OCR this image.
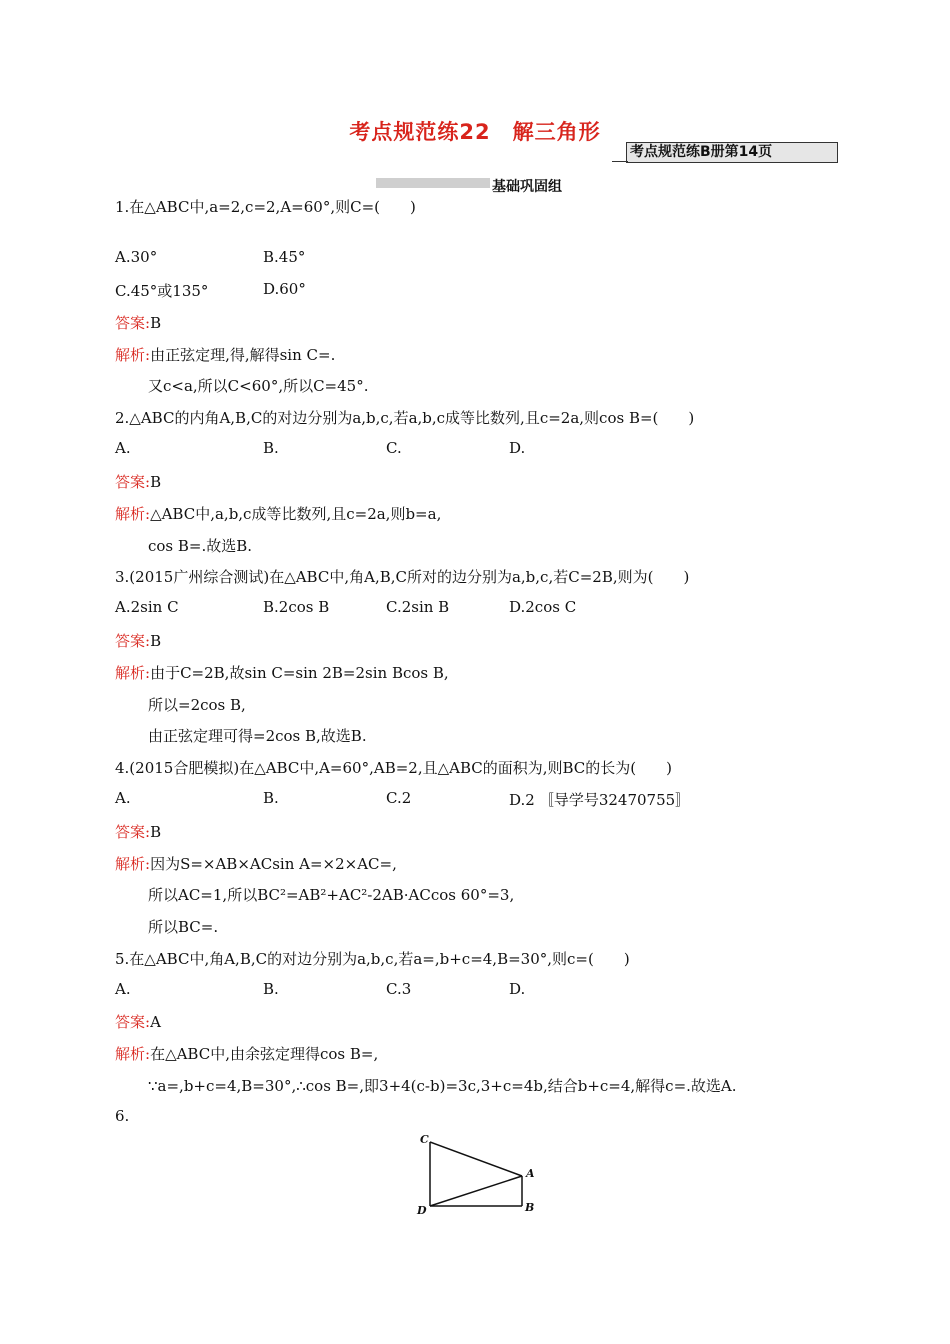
考点规范练22　解三角形
考点规范练B册第14页
基础巩固组
1.在△ABC中,a=2,c=2,A=60°,则C=(　　)
A.30°	B.45°
C.45°或135°	D.60°
答案:B
解析:由正弦定理,得,解得sin C=.
又c<a,所以C<60°,所以C=45°.
2.△ABC的内角A,B,C的对边分别为a,b,c,若a,b,c成等比数列,且c=2a,则cos B=(　　)
A.	B.	C.	D.
答案:B
解析:△ABC中,a,b,c成等比数列,且c=2a,则b=a,
cos B=.故选B.
3.(2015广州综合测试)在△ABC中,角A,B,C所对的边分别为a,b,c,若C=2B,则为(　　)
A.2sin C	B.2cos B	C.2sin B	D.2cos C
答案:B
解析:由于C=2B,故sin C=sin 2B=2sin Bcos B,
所以=2cos B,
由正弦定理可得=2cos B,故选B.
4.(2015合肥模拟)在△ABC中,A=60°,AB=2,且△ABC的面积为,则BC的长为(　　)
A.	B.	C.2	D.2 〚导学号32470755〛
答案:B
解析:因为S=×AB×ACsin A=×2×AC=,
所以AC=1,所以BC²=AB²+AC²-2AB·ACcos 60°=3,
所以BC=.
5.在△ABC中,角A,B,C的对边分别为a,b,c,若a=,b+c=4,B=30°,则c=(　　)
A.	B.	C.3	D.
答案:A
解析:在△ABC中,由余弦定理得cos B=,
∵a=,b+c=4,B=30°,∴cos B=,即3+4(c-b)=3c,3+c=4b,结合b+c=4,解得c=.故选A.
6.
C
A
B
D
